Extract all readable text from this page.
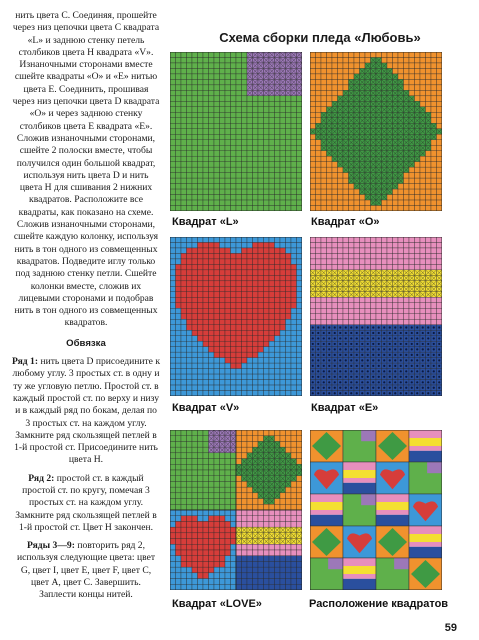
нить цвета С. Соединяя, прошейте через низ цепочки цвета С квадрата «L» и заднюю стенку петель столбиков цвета Н квадрата «V». Изнаночными сторонами вместе сшейте квадраты «О» и «Е» нитью цвета Е. Соединить, прошивая через низ цепочки цвета D квадрата «О» и через заднюю стенку столбиков цвета Е квадрата «Е». Сложив изнаночными сторонами, сшейте 2 полоски вместе, чтобы получился один большой квадрат, используя нить цвета D и нить цвета Н для сшивания 2 нижних квадратов. Расположите все квадраты, как показано на схеме. Сложив изнаночными сторонами, сшейте каждую колонку, используя нить в тон одного из совмещенных квадратов. Подведите иглу только под заднюю стенку петли. Сшейте колонки вместе, сложив их лицевыми сторонами и подобрав нить в тон одного из совмещенных квадратов.

Обвязка

Ряд 1: нить цвета D присоедините к любому углу. 3 простых ст. в одну и ту же угловую петлю. Простой ст. в каждый простой ст. по верху и низу и в каждый ряд по бокам, делая по 3 простых ст. на каждом углу. Замкните ряд скользящей петлей в 1-й простой ст. Присоедините нить цвета Н.

Ряд 2: простой ст. в каждый простой ст. по кругу, помечая 3 простых ст. на каждом углу. Замкните ряд скользящей петлей в 1-й простой ст. Цвет Н закончен.

Ряды 3—9: повторить ряд 2, используя следующие цвета: цвет G, цвет I, цвет Е, цвет F, цвет С, цвет А, цвет С. Завершить. Заплести концы нитей.

Схема сборки пледа «Любовь»
Квадрат «L»	Квадрат «О»
Квадрат «V»	Квадрат «Е»
Квадрат «LOVE»	Расположение квадратов
59
